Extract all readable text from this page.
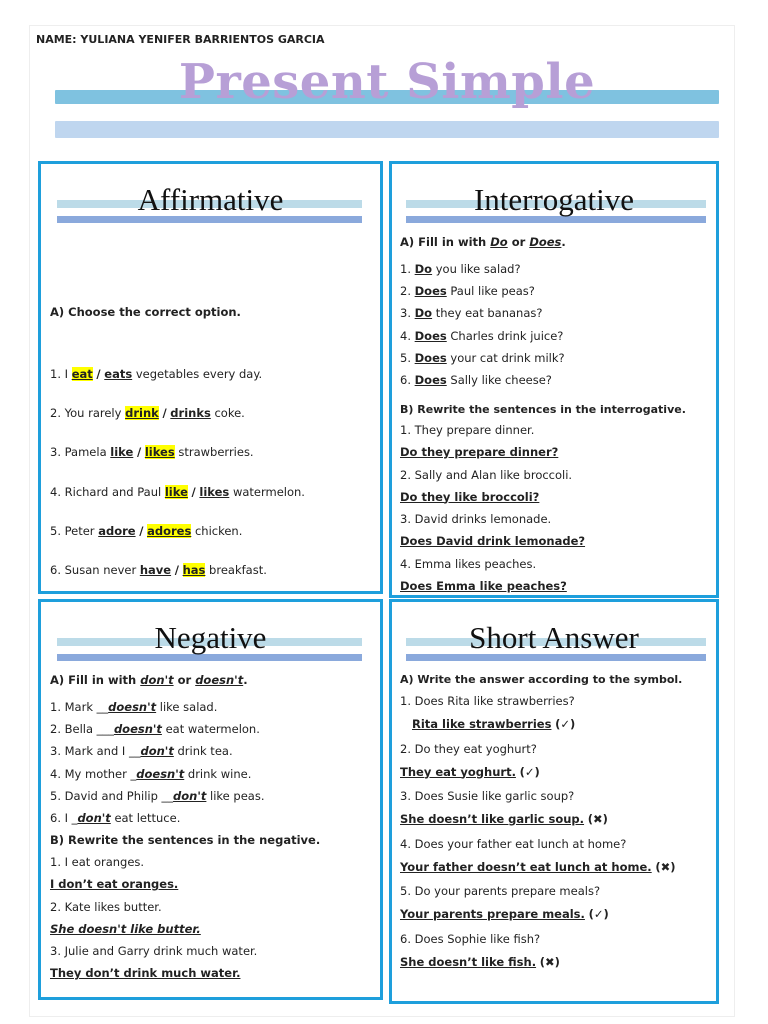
NAME: YULIANA YENIFER BARRIENTOS GARCIA
Present Simple
Affirmative
A) Choose the correct option.
1. I eat / eats vegetables every day.
2. You rarely drink / drinks coke.
3. Pamela like / likes strawberries.
4. Richard and Paul like / likes watermelon.
5. Peter adore / adores chicken.
6. Susan never have / has breakfast.
Interrogative
A) Fill in with Do or Does.
B) Rewrite the sentences in the interrogative.
1. Do you like salad?
2. Does Paul like peas?
3. Do they eat bananas?
4. Does Charles drink juice?
5. Does your cat drink milk?
6. Does Sally like cheese?
1. They prepare dinner.
Do they prepare dinner?
2. Sally and Alan like broccoli.
Do they like broccoli?
3. David drinks lemonade.
Does David drink lemonade?
4. Emma likes peaches.
Does Emma like peaches?
Negative
A) Fill in with don't or doesn't.
B) Rewrite the sentences in the negative.
1. Mark __doesn't like salad.
2. Bella ___doesn't eat watermelon.
3. Mark and I __don't drink tea.
4. My mother _doesn't drink wine.
5. David and Philip __don't like peas.
6. I _don't eat lettuce.
1. I eat oranges.
I don’t eat oranges.
2. Kate likes butter.
She doesn't like butter.
3. Julie and Garry drink much water.
They don’t drink much water.
Short Answer
A) Write the answer according to the symbol.
1. Does Rita like strawberries?
Rita like strawberries (✓)
2. Do they eat yoghurt?
They eat yoghurt. (✓)
3. Does Susie like garlic soup?
She doesn’t like garlic soup. (✖)
4. Does your father eat lunch at home?
Your father doesn’t eat lunch at home. (✖)
5. Do your parents prepare meals?
Your parents prepare meals. (✓)
6. Does Sophie like fish?
She doesn’t like fish. (✖)
